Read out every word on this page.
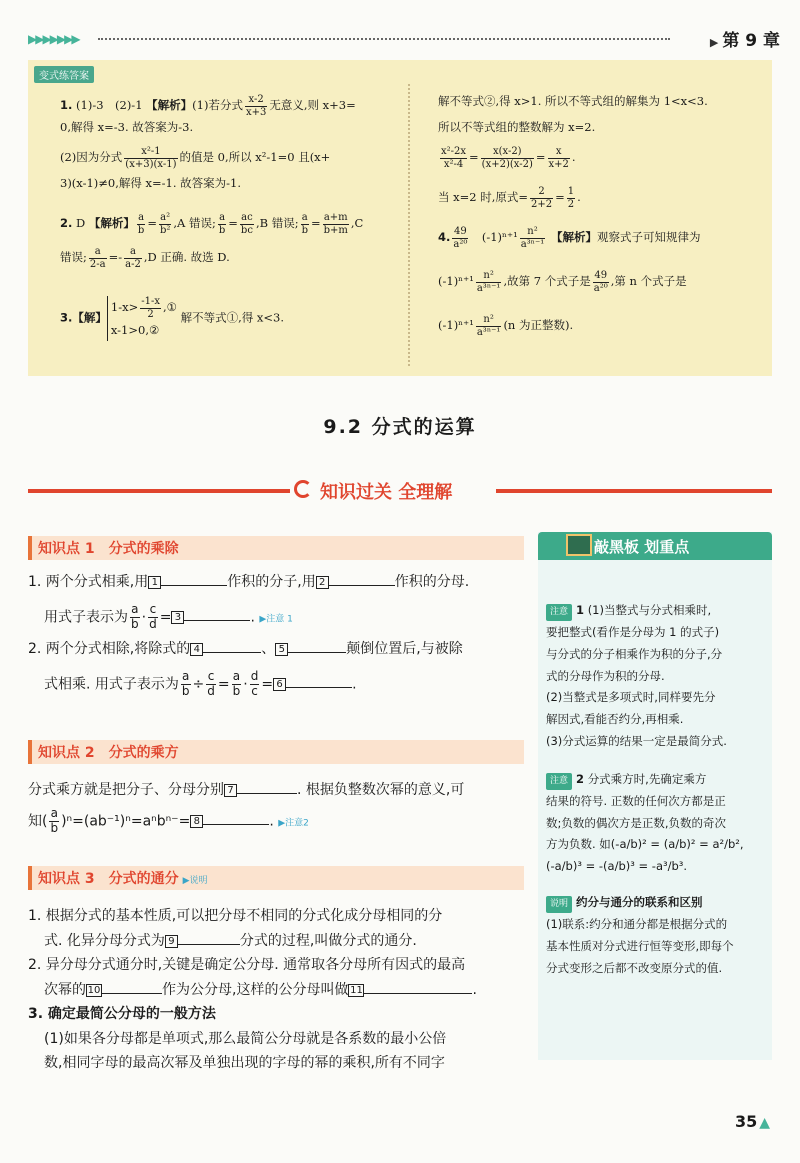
▶▶▶▶▶▶▶	▶ 第 9 章
变式练答案
1. (1)-3　(2)-1 【解析】(1)若分式 $\frac{x-2}{x+3}$ 无意义,则 x+3=
0,解得 x=-3. 故答案为-3.
(2)因为分式 $\frac{\text{x²-1}}{(x+3)(x-1)}$ 的值是 0,所以 x²-1=0 且(x+
3)(x-1)≠0,解得 x=-1. 故答案为-1.
2. D 【解析】 $\frac{a}{b} = \frac{\text{a²}}{\text{b²}} ,A$ 错误; $\frac{a}{b} = \frac{ac}{bc} ,B$ 错误; $\frac{a}{b} = \frac{a+m}{b+m} ,C$
错误; $\frac{a}{2-a} =- \frac{a}{a-2} ,D$ 正确. 故选 D.
3.【解】$1-x> \frac{-1-x}{2}$ ,①
x-1>0,② 解不等式①,得 x<3.
解不等式②,得 x>1. 所以不等式组的解集为 1<x<3.
所以不等式组的整数解为 x=2.
$\frac{\text{x²-2x}}{\text{x²-4}} = \frac{x(x-2)}{(x+2)(x-2)} = \frac{x}{x+2}$ .
当 x=2 时,原式= $\frac{2}{2+2} = \frac{1}{2}$ .
4. $\frac{49}{\text{a²⁰}}$ 　$(-1)^{n+1} \frac{\text{n²}}{\text{a³ⁿ⁻¹}}$ 【解析】观察式子可知规律为
$(-1)^{n+1} \frac{\text{n²}}{\text{a³ⁿ⁻¹}}$ ,故第 7 个式子是 $\frac{49}{\text{a²⁰}}$ ,第 n 个式子是
$(-1)^{n+1} \frac{\text{n²}}{\text{a³ⁿ⁻¹}} (n$ 为正整数).
9.2 分式的运算
知识过关 全理解
知识点 1 分式的乘除
1. 两个分式相乘,用 1	作积的分子,用 2	作积的分母.
用式子表示为 $\frac{a}{b} \cdot \frac{c}{d} = 3$	. ▶注意 1
2. 两个分式相除,将除式的 4	、 5	颠倒位置后,与被除
式相乘. 用式子表示为 $\frac{a}{b} \div \frac{c}{d} = \frac{a}{b} \cdot \frac{d}{c} = 6$	.
知识点 2 分式的乘方
分式乘方就是把分子、分母分别 7	. 根据负整数次幂的意义,可
知( $\frac{a}{b} )^n=(ab^{-1})^n=a^nb^{n-}= 8$	. ▶注意2
知识点 3 分式的通分 ▶说明
1. 根据分式的基本性质,可以把分母不相同的分式化成分母相同的分
式. 化异分母分式为 9	分式的过程,叫做分式的通分.
2. 异分母分式通分时,关键是确定公分母. 通常取各分母所有因式的最高
次幂的 10	作为公分母,这样的公分母叫做 11	.
3. 确定最简公分母的一般方法
(1)如果各分母都是单项式,那么最简公分母就是各系数的最小公倍
数,相同字母的最高次幂及单独出现的字母的幂的乘积,所有不同字
敲黑板 划重点
注意 1 (1)当整式与分式相乘时,
要把整式(看作是分母为 1 的式子)
与分式的分子相乘作为积的分子,分
式的分母作为积的分母.
(2)当整式是多项式时,同样要先分
解因式,看能否约分,再相乘.
(3)分式运算的结果一定是最简分式.
注意 2 分式乘方时,先确定乘方
结果的符号. 正数的任何次方都是正
数;负数的偶次方是正数,负数的奇次
方为负数. 如(-a/b)² = (a/b)² = a²/b²,
(-a/b)³ = -(a/b)³ = -a³/b³.
说明 约分与通分的联系和区别
(1)联系:约分和通分都是根据分式的
基本性质对分式进行恒等变形,即每个
分式变形之后都不改变原分式的值.
35 ▲
